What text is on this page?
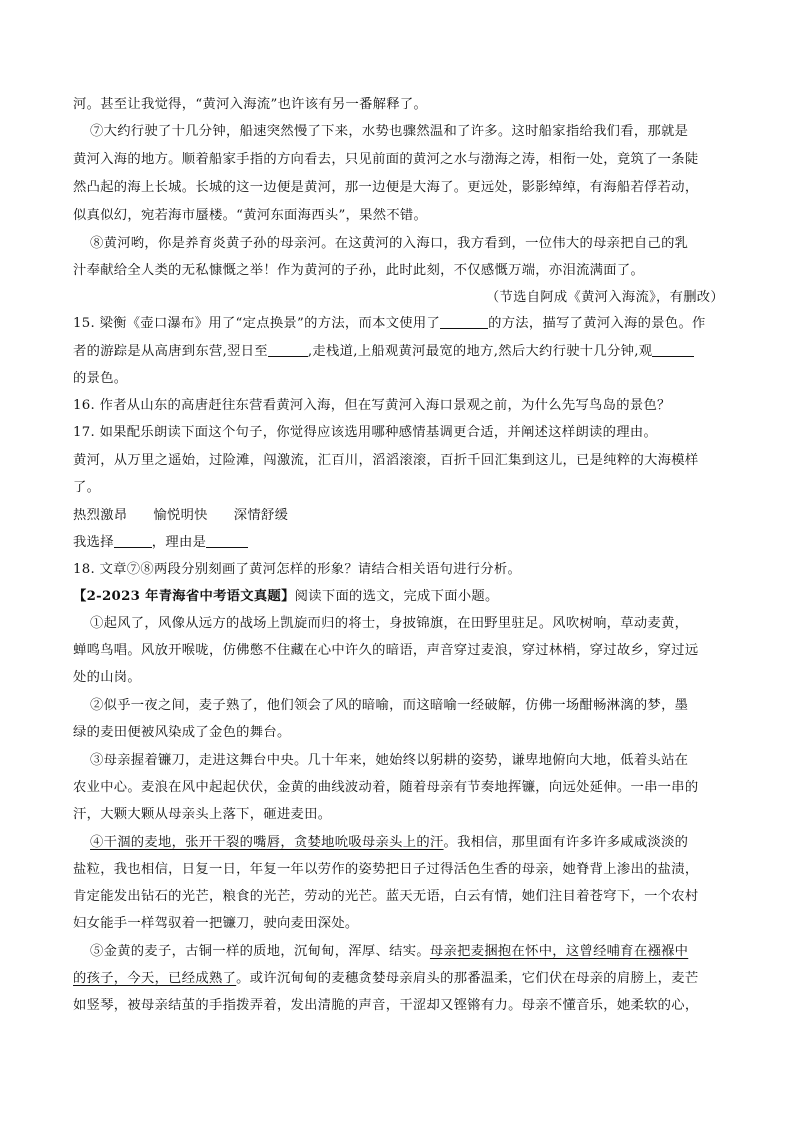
河。甚至让我觉得，“黄河入海流”也许该有另一番解释了。
⑦大约行驶了十几分钟，船速突然慢了下来，水势也骤然温和了许多。这时船家指给我们看，那就是
黄河入海的地方。顺着船家手指的方向看去，只见前面的黄河之水与渤海之涛，相衔一处，竟筑了一条陡
然凸起的海上长城。长城的这一边便是黄河，那一边便是大海了。更远处，影影绰绰，有海船若俘若动，
似真似幻，宛若海市蜃楼。“黄河东面海西头”，果然不错。
⑧黄河哟，你是养育炎黄子孙的母亲河。在这黄河的入海口，我方看到，一位伟大的母亲把自己的乳
汁奉献给全人类的无私慷慨之举！作为黄河的子孙，此时此刻，不仅感慨万端，亦泪流满面了。
（节选自阿成《黄河入海流》，有删改）
15. 梁衡《壶口瀑布》用了“定点换景”的方法，而本文使用了	的方法，描写了黄河入海的景色。作
者的游踪是从高唐到东营,翌日至	,走栈道,上船观黄河最宽的地方,然后大约行驶十几分钟,观
的景色。
16. 作者从山东的高唐赶往东营看黄河入海，但在写黄河入海口景观之前，为什么先写鸟岛的景色？
17. 如果配乐朗读下面这个句子，你觉得应该选用哪种感情基调更合适，并阐述这样朗读的理由。
黄河，从万里之遥始，过险滩，闯激流，汇百川，滔滔滚滚，百折千回汇集到这儿，已是纯粹的大海模样
了。
热烈激昂 愉悦明快 深情舒缓
我选择	，理由是
18. 文章⑦⑧两段分别刻画了黄河怎样的形象？请结合相关语句进行分析。
【2-2023 年青海省中考语文真题】阅读下面的选文，完成下面小题。
①起风了，风像从远方的战场上凯旋而归的将士，身披锦旗，在田野里驻足。风吹树响，草动麦黄，
蝉鸣鸟唱。风放开喉咙，仿佛憋不住藏在心中许久的暗语，声音穿过麦浪，穿过林梢，穿过故乡，穿过远
处的山岗。
②似乎一夜之间，麦子熟了，他们领会了风的暗喻，而这暗喻一经破解，仿佛一场酣畅淋漓的梦，墨
绿的麦田便被风染成了金色的舞台。
③母亲握着镰刀，走进这舞台中央。几十年来，她始终以躬耕的姿势，谦卑地俯向大地，低着头站在
农业中心。麦浪在风中起起伏伏，金黄的曲线波动着，随着母亲有节奏地挥镰，向远处延伸。一串一串的
汗，大颗大颗从母亲头上落下，砸进麦田。
④干涸的麦地，张开干裂的嘴唇，贪婪地吮吸母亲头上的汗。我相信，那里面有许多许多咸咸淡淡的
盐粒，我也相信，日复一日，年复一年以劳作的姿势把日子过得活色生香的母亲，她脊背上渗出的盐渍，
肯定能发出钻石的光芒，粮食的光芒，劳动的光芒。蓝天无语，白云有情，她们注目着苍穹下，一个农村
妇女能手一样驾驭着一把镰刀，驶向麦田深处。
⑤金黄的麦子，古铜一样的质地，沉甸甸，浑厚、结实。母亲把麦捆抱在怀中，这曾经哺育在襁褓中
的孩子，今天，已经成熟了。或许沉甸甸的麦穗贪婪母亲肩头的那番温柔，它们伏在母亲的肩膀上，麦芒
如竖琴，被母亲结茧的手指拨弄着，发出清脆的声音，干涩却又铿锵有力。母亲不懂音乐，她柔软的心，
